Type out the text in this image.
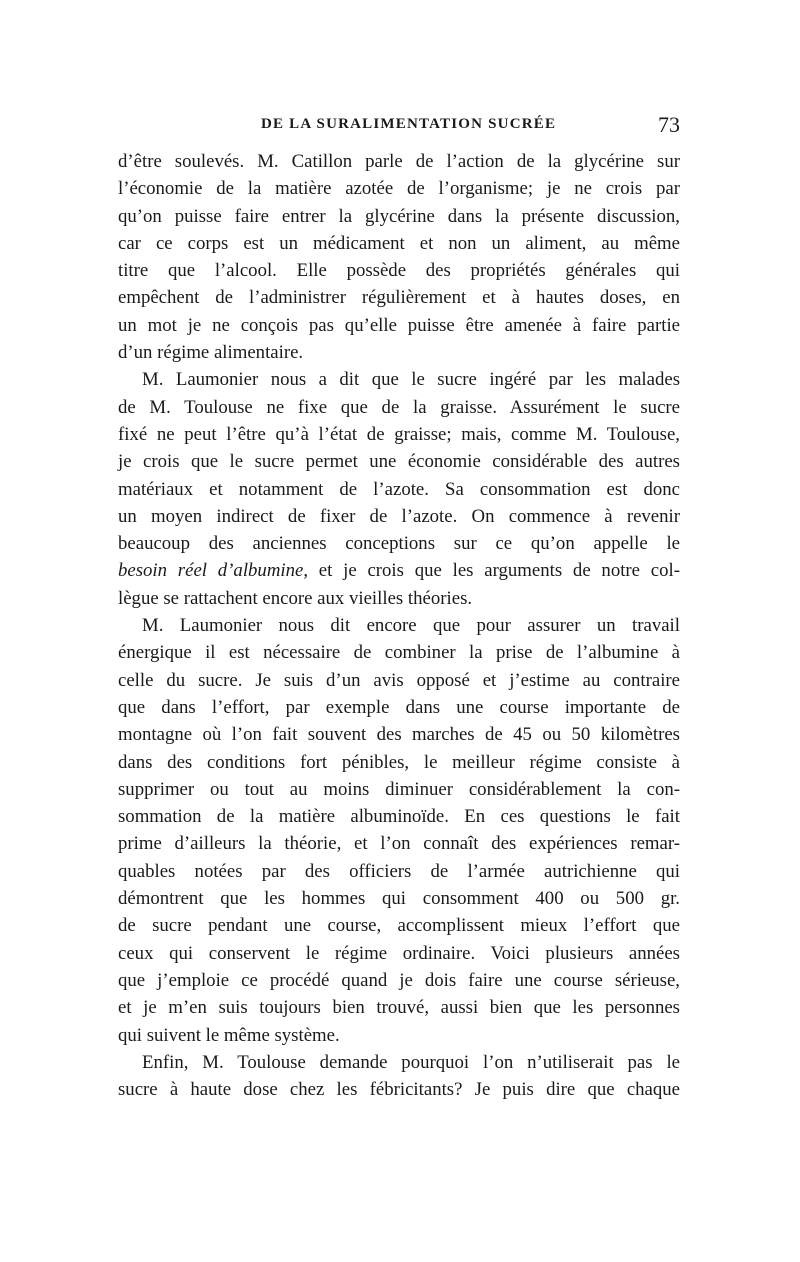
DE LA SURALIMENTATION SUCRÉE	73
d’être soulevés. M. Catillon parle de l’action de la glycérine sur
l’économie de la matière azotée de l’organisme; je ne crois par
qu’on puisse faire entrer la glycérine dans la présente discussion,
car ce corps est un médicament et non un aliment, au même
titre que l’alcool. Elle possède des propriétés générales qui
empêchent de l’administrer régulièrement et à hautes doses, en
un mot je ne conçois pas qu’elle puisse être amenée à faire partie
d’un régime alimentaire.
M. Laumonier nous a dit que le sucre ingéré par les malades
de M. Toulouse ne fixe que de la graisse. Assurément le sucre
fixé ne peut l’être qu’à l’état de graisse; mais, comme M. Toulouse,
je crois que le sucre permet une économie considérable des autres
matériaux et notamment de l’azote. Sa consommation est donc
un moyen indirect de fixer de l’azote. On commence à revenir
beaucoup des anciennes conceptions sur ce qu’on appelle le
besoin réel d’albumine, et je crois que les arguments de notre col-
lègue se rattachent encore aux vieilles théories.
M. Laumonier nous dit encore que pour assurer un travail
énergique il est nécessaire de combiner la prise de l’albumine à
celle du sucre. Je suis d’un avis opposé et j’estime au contraire
que dans l’effort, par exemple dans une course importante de
montagne où l’on fait souvent des marches de 45 ou 50 kilomètres
dans des conditions fort pénibles, le meilleur régime consiste à
supprimer ou tout au moins diminuer considérablement la con-
sommation de la matière albuminoïde. En ces questions le fait
prime d’ailleurs la théorie, et l’on connaît des expériences remar-
quables notées par des officiers de l’armée autrichienne qui
démontrent que les hommes qui consomment 400 ou 500 gr.
de sucre pendant une course, accomplissent mieux l’effort que
ceux qui conservent le régime ordinaire. Voici plusieurs années
que j’emploie ce procédé quand je dois faire une course sérieuse,
et je m’en suis toujours bien trouvé, aussi bien que les personnes
qui suivent le même système.
Enfin, M. Toulouse demande pourquoi l’on n’utiliserait pas le
sucre à haute dose chez les fébricitants? Je puis dire que chaque
